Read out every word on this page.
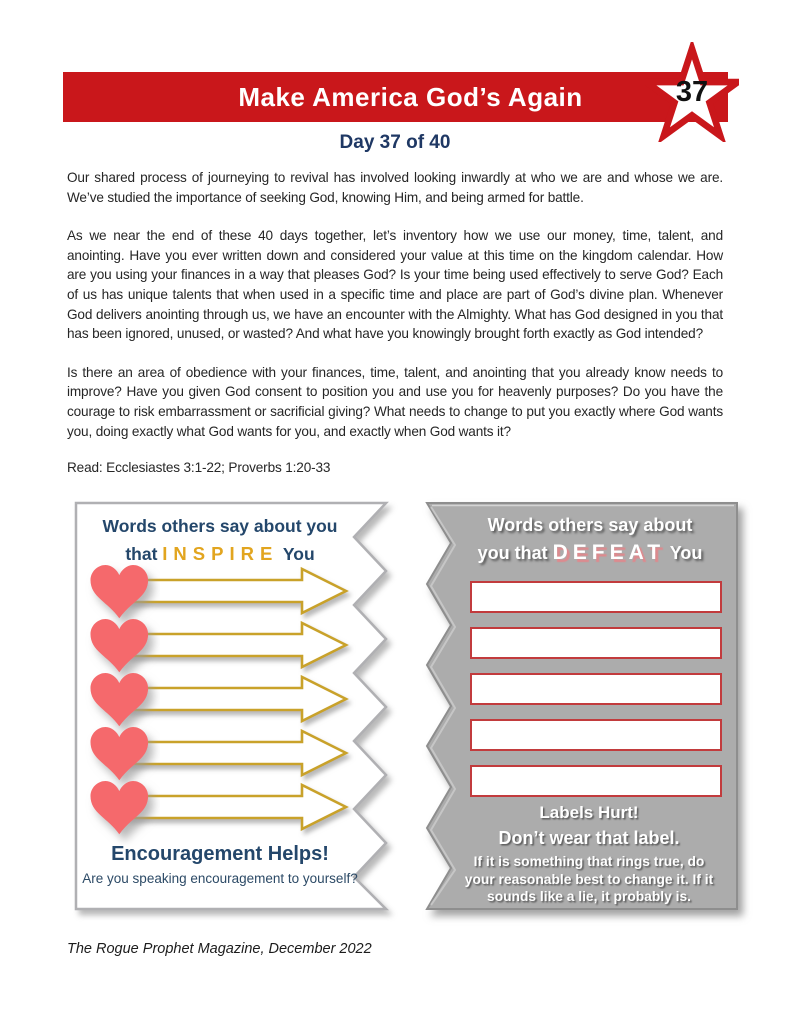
Make America God’s Again	37
Day 37 of 40

Our shared process of journeying to revival has involved looking inwardly at who we are and whose we are. We’ve studied the importance of seeking God, knowing Him, and being armed for battle.

As we near the end of these 40 days together, let’s inventory how we use our money, time, talent, and anointing. Have you ever written down and considered your value at this time on the kingdom calendar. How are you using your finances in a way that pleases God? Is your time being used effectively to serve God? Each of us has unique talents that when used in a specific time and place are part of God’s divine plan. Whenever God delivers anointing through us, we have an encounter with the Almighty. What has God designed in you that has been ignored, unused, or wasted? And what have you knowingly brought forth exactly as God intended?

Is there an area of obedience with your finances, time, talent, and anointing that you already know needs to improve? Have you given God consent to position you and use you for heavenly purposes? Do you have the courage to risk embarrassment or sacrificial giving? What needs to change to put you exactly where God wants you, doing exactly what God wants for you, and exactly when God wants it?

Read: Ecclesiastes 3:1-22; Proverbs 1:20-33

Words others say about you
that INSPIRE You
Encouragement Helps!
Are you speaking encouragement to yourself?
Words others say about
you that DEFEAT You
Labels Hurt!
Don’t wear that label.
If it is something that rings true, do your reasonable best to change it. If it sounds like a lie, it probably is.

The Rogue Prophet Magazine, December 2022
